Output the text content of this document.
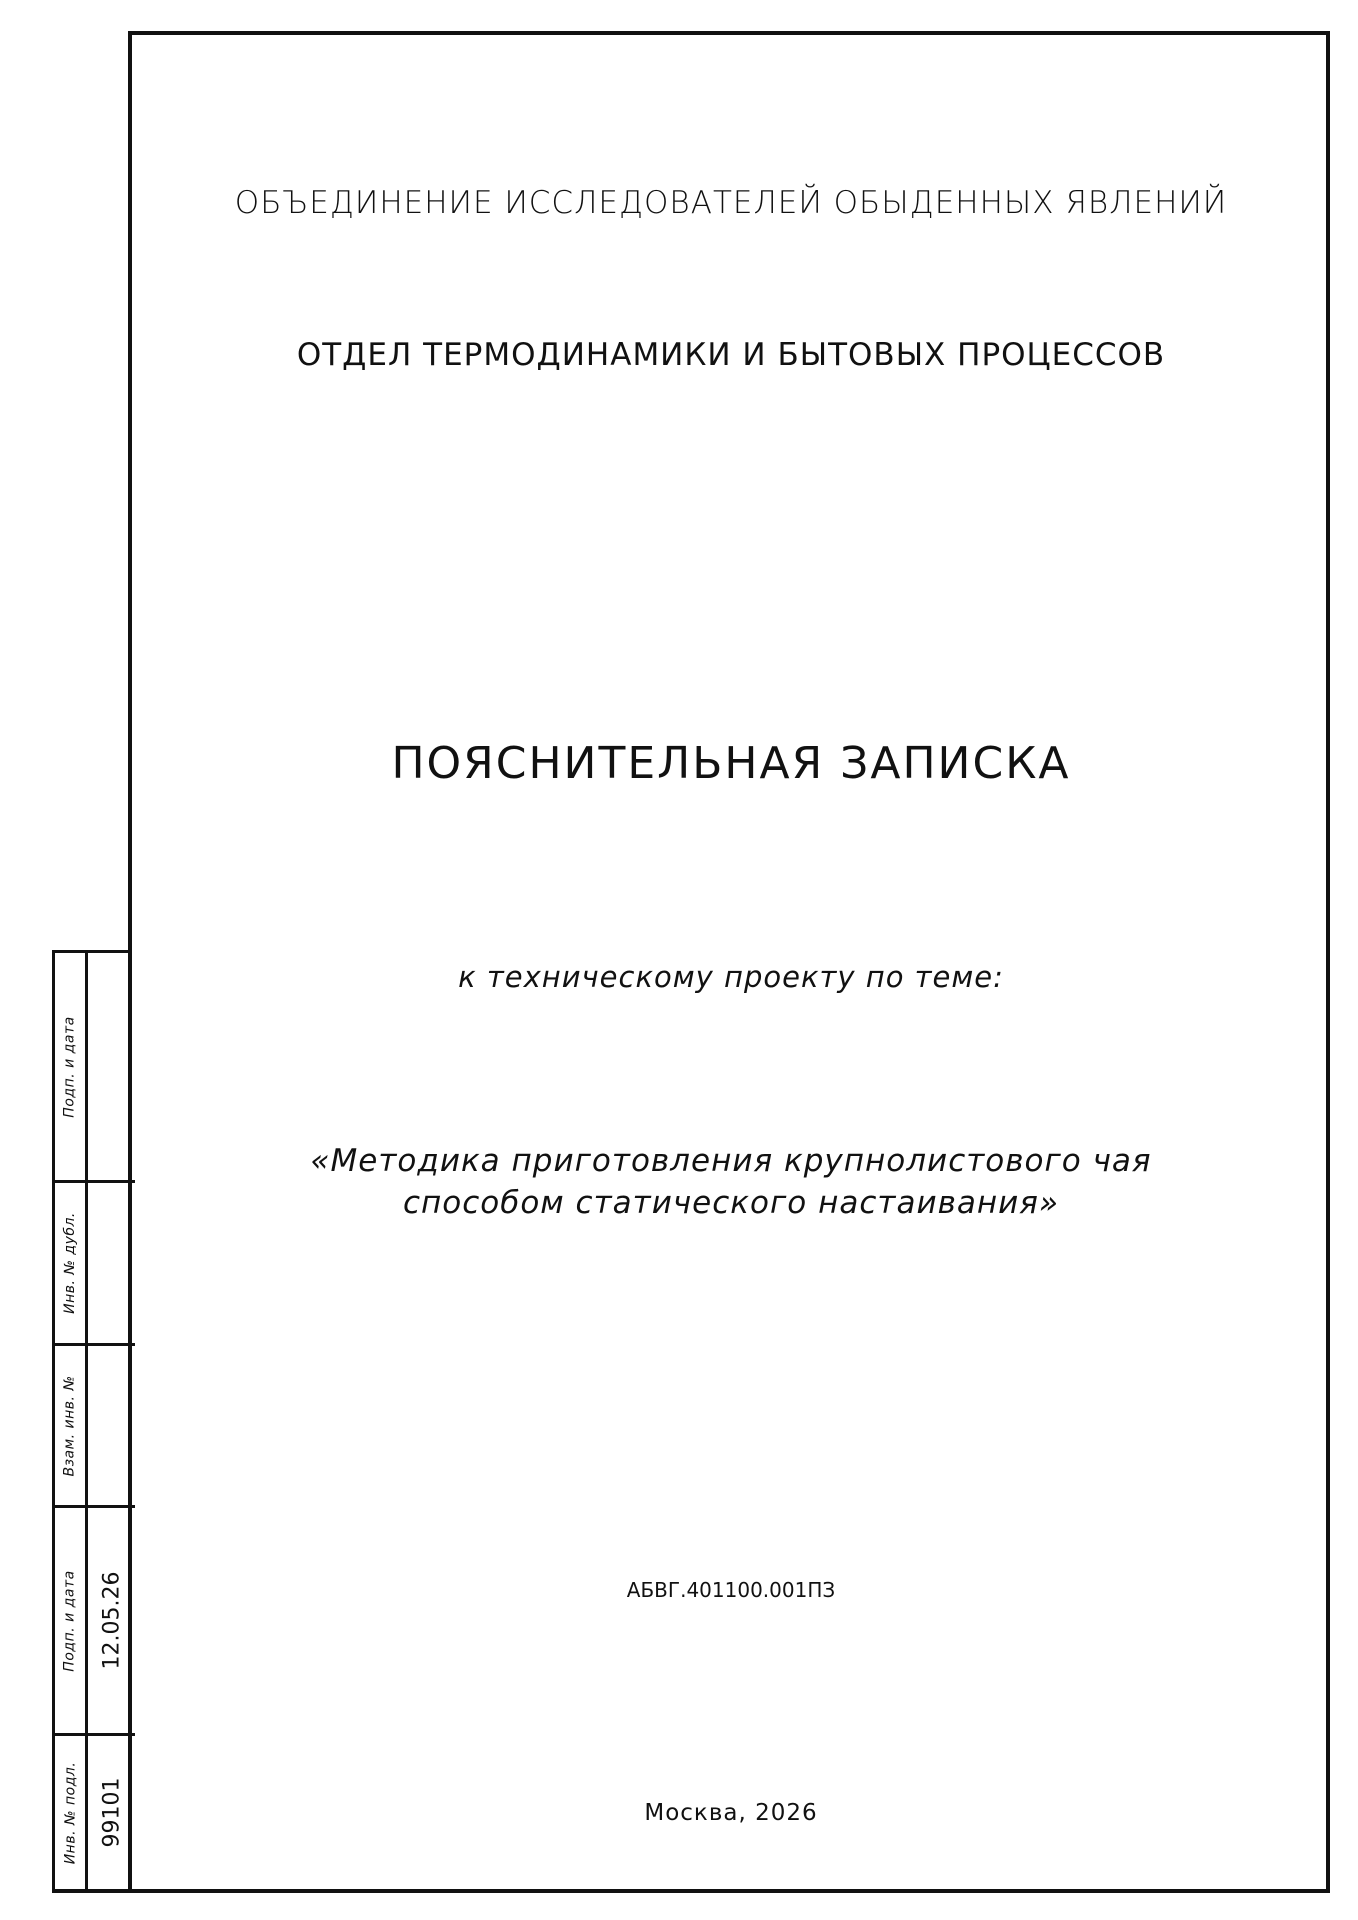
Подп. и дата
Инв. № дубл.
Взам. инв. №
Подп. и дата 12.05.26
Инв. № подл. 99101
ОБЪЕДИНЕНИЕ ИССЛЕДОВАТЕЛЕЙ ОБЫДЕННЫХ ЯВЛЕНИЙ
ОТДЕЛ ТЕРМОДИНАМИКИ И БЫТОВЫХ ПРОЦЕССОВ
ПОЯСНИТЕЛЬНАЯ ЗАПИСКА
к техническому проекту по теме:
«Методика приготовления крупнолистового чая
способом статического настаивания»
АБВГ.401100.001ПЗ
Москва, 2026
